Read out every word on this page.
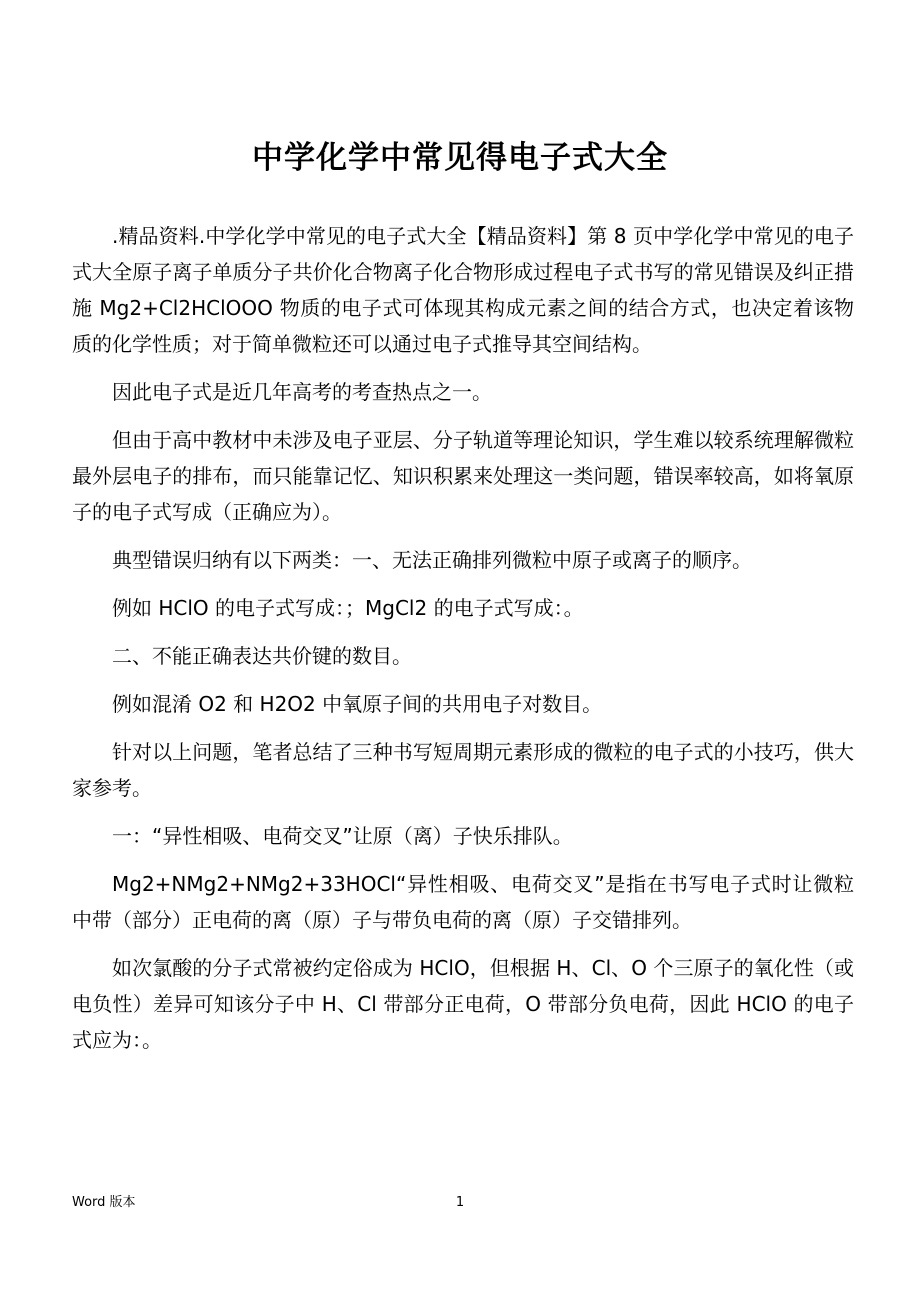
中学化学中常见得电子式大全

.精品资料.中学化学中常见的电子式大全【精品资料】第 8 页中学化学中常见的电子式大全原子离子单质分子共价化合物离子化合物形成过程电子式书写的常见错误及纠正措施 Mg2+Cl2HClOOO 物质的电子式可体现其构成元素之间的结合方式，也决定着该物质的化学性质；对于简单微粒还可以通过电子式推导其空间结构。

因此电子式是近几年高考的考查热点之一。

但由于高中教材中未涉及电子亚层、分子轨道等理论知识，学生难以较系统理解微粒最外层电子的排布，而只能靠记忆、知识积累来处理这一类问题，错误率较高，如将氧原子的电子式写成（正确应为）。

典型错误归纳有以下两类：一、无法正确排列微粒中原子或离子的顺序。

例如 HClO 的电子式写成：；MgCl2 的电子式写成：。

二、不能正确表达共价键的数目。

例如混淆 O2 和 H2O2 中氧原子间的共用电子对数目。

针对以上问题，笔者总结了三种书写短周期元素形成的微粒的电子式的小技巧，供大家参考。

一：“异性相吸、电荷交叉”让原（离）子快乐排队。

Mg2+NMg2+NMg2+33HOCl“异性相吸、电荷交叉”是指在书写电子式时让微粒中带（部分）正电荷的离（原）子与带负电荷的离（原）子交错排列。

如次氯酸的分子式常被约定俗成为 HClO，但根据 H、Cl、O 个三原子的氧化性（或电负性）差异可知该分子中 H、Cl 带部分正电荷，O 带部分负电荷，因此 HClO 的电子式应为：。

Word 版本	1
